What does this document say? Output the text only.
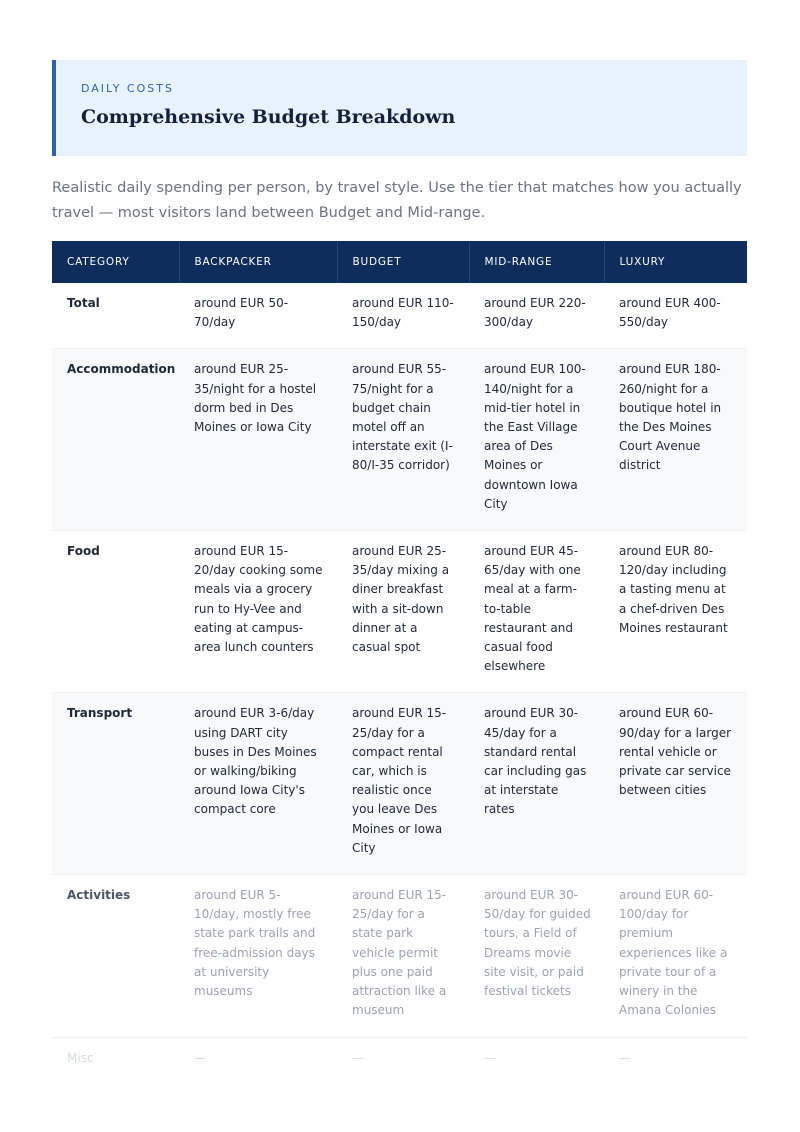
DAILY COSTS
Comprehensive Budget Breakdown

Realistic daily spending per person, by travel style. Use the tier that matches how you actually travel — most visitors land between Budget and Mid-range.

CATEGORY	BACKPACKER	BUDGET	MID-RANGE	LUXURY
Total	around EUR 50-70/day	around EUR 110-150/day	around EUR 220-300/day	around EUR 400-550/day
Accommodation	around EUR 25-35/night for a hostel dorm bed in Des Moines or Iowa City	around EUR 55-75/night for a budget chain motel off an interstate exit (I-80/I-35 corridor)	around EUR 100-140/night for a mid-tier hotel in the East Village area of Des Moines or downtown Iowa City	around EUR 180-260/night for a boutique hotel in the Des Moines Court Avenue district
Food	around EUR 15-20/day cooking some meals via a grocery run to Hy-Vee and eating at campus-area lunch counters	around EUR 25-35/day mixing a diner breakfast with a sit-down dinner at a casual spot	around EUR 45-65/day with one meal at a farm-to-table restaurant and casual food elsewhere	around EUR 80-120/day including a tasting menu at a chef-driven Des Moines restaurant
Transport	around EUR 3-6/day using DART city buses in Des Moines or walking/biking around Iowa City's compact core	around EUR 15-25/day for a compact rental car, which is realistic once you leave Des Moines or Iowa City	around EUR 30-45/day for a standard rental car including gas at interstate rates	around EUR 60-90/day for a larger rental vehicle or private car service between cities
Activities	around EUR 5-10/day, mostly free state park trails and free-admission days at university museums	around EUR 15-25/day for a state park vehicle permit plus one paid attraction like a museum	around EUR 30-50/day for guided tours, a Field of Dreams movie site visit, or paid festival tickets	around EUR 60-100/day for premium experiences like a private tour of a winery in the Amana Colonies
Misc	—	—	—	—
